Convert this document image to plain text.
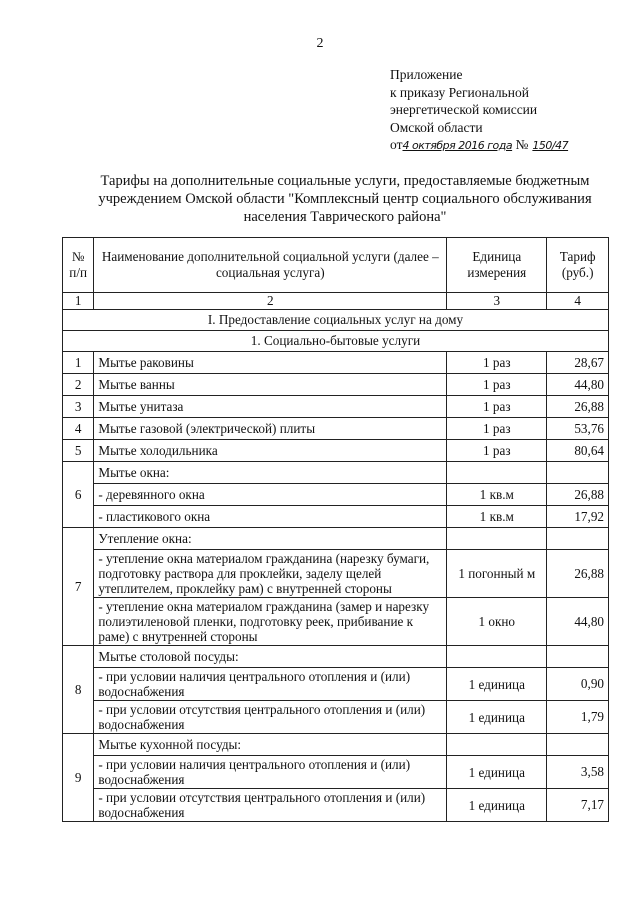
2
Приложение
к приказу Региональной
энергетической комиссии
Омской области
от4 октября 2016 года № 150/47
Тарифы на дополнительные социальные услуги, предоставляемые бюджетным учреждением Омской области "Комплексный центр социального обслуживания населения Таврического района"
№ п/п	Наименование дополнительной социальной услуги (далее – социальная услуга)	Единица измерения	Тариф (руб.)
1	2	3	4
I. Предоставление социальных услуг на дому			
1. Социально-бытовые услуги			
1	Мытье раковины	1 раз	28,67
2	Мытье ванны	1 раз	44,80
3	Мытье унитаза	1 раз	26,88
4	Мытье газовой (электрической) плиты	1 раз	53,76
5	Мытье холодильника	1 раз	80,64
6	Мытье окна:		
	- деревянного окна	1 кв.м	26,88
	- пластикового окна	1 кв.м	17,92
7	Утепление окна:		
	- утепление окна материалом гражданина (нарезку бумаги, подготовку раствора для проклейки, заделу щелей утеплителем, проклейку рам) с внутренней стороны	1 погонный м	26,88
	- утепление окна материалом гражданина (замер и нарезку полиэтиленовой пленки, подготовку реек, прибивание к раме) с внутренней стороны	1 окно	44,80
8	Мытье столовой посуды:		
	- при условии наличия центрального отопления и (или) водоснабжения	1 единица	0,90
	- при условии отсутствия центрального отопления и (или) водоснабжения	1 единица	1,79
9	Мытье кухонной посуды:		
	- при условии наличия центрального отопления и (или) водоснабжения	1 единица	3,58
	- при условии отсутствия центрального отопления и (или) водоснабжения	1 единица	7,17
